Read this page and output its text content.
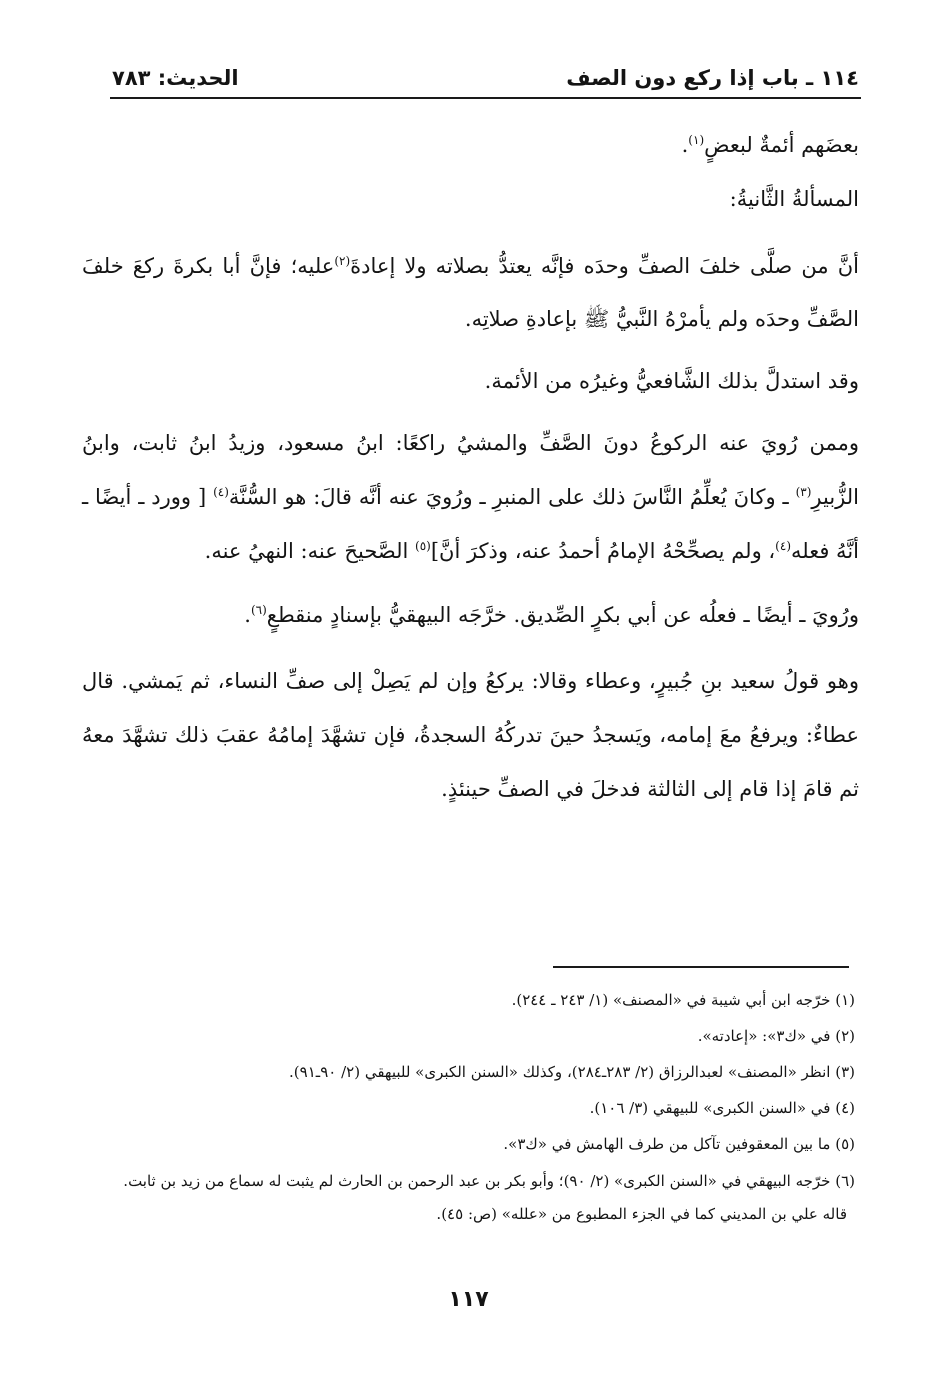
١١٤ ـ باب إذا ركع دون الصف
الحديث: ٧٨٣

بعضَهم أئمةٌ لبعضٍ$^{(١)}$.

المسألةُ الثَّانيةُ:

أنَّ من صلَّى خلفَ الصفِّ وحدَه فإنَّه يعتدُّ بصلاته ولا إعادةَ$^{(٢)}$عليه؛ فإنَّ أبا بكرةَ ركعَ خلفَ الصَّفِّ وحدَه ولم يأمرْهُ النَّبيُّ ﷺ بإعادةِ صلاتِه.

وقد استدلَّ بذلك الشَّافعيُّ وغيرُه من الأئمة.

وممن رُويَ عنه الركوعُ دونَ الصَّفِّ والمشيُ راكعًا: ابنُ مسعود، وزيدُ ابنُ ثابت، وابنُ الزُّبيرِ$^{(٣)}$ ـ وكانَ يُعلِّمُ النَّاسَ ذلك على المنبرِ ـ ورُويَ عنه أنَّه قالَ: هو السُّنَّة$^{(٤)}$ [ وورد ـ أيضًا ـ أنَّهُ فعله$^{(٤)}$، ولم يصحِّحْهُ الإمامُ أحمدُ عنه، وذكرَ أنَّ]$^{(٥)}$ الصَّحيحَ عنه: النهيُ عنه.

ورُويَ ـ أيضًا ـ فعلُه عن أبي بكرٍ الصِّديق. خرَّجَه البيهقيُّ بإسنادٍ منقطعٍ$^{(٦)}$.

وهو قولُ سعيد بنِ جُبيرٍ، وعطاء وقالا: يركعُ وإن لم يَصِلْ إلى صفِّ النساء، ثم يَمشي. قال عطاءٌ: ويرفعُ معَ إمامه، ويَسجدُ حينَ تدركُهُ السجدةُ، فإن تشهَّدَ إمامُهُ عقبَ ذلك تشهَّدَ معهُ ثم قامَ إذا قام إلى الثالثة فدخلَ في الصفِّ حينئذٍ.

(١) خرّجه ابن أبي شيبة في «المصنف» (١/ ٢٤٣ ـ ٢٤٤).

(٢) في «ك٣»: «إعادته».

(٣) انظر «المصنف» لعبدالرزاق (٢/ ٢٨٣ـ٢٨٤)، وكذلك «السنن الكبرى» للبيهقي (٢/ ٩٠ـ٩١).

(٤) في «السنن الكبرى» للبيهقي (٣/ ١٠٦).

(٥) ما بين المعقوفين تآكل من طرف الهامش في «ك٣».

(٦) خرّجه البيهقي في «السنن الكبرى» (٢/ ٩٠)؛ وأبو بكر بن عبد الرحمن بن الحارث لم يثبت له سماع من زيد بن ثابت.

قاله علي بن المديني كما في الجزء المطبوع من «علله» (ص: ٤٥).

١١٧
